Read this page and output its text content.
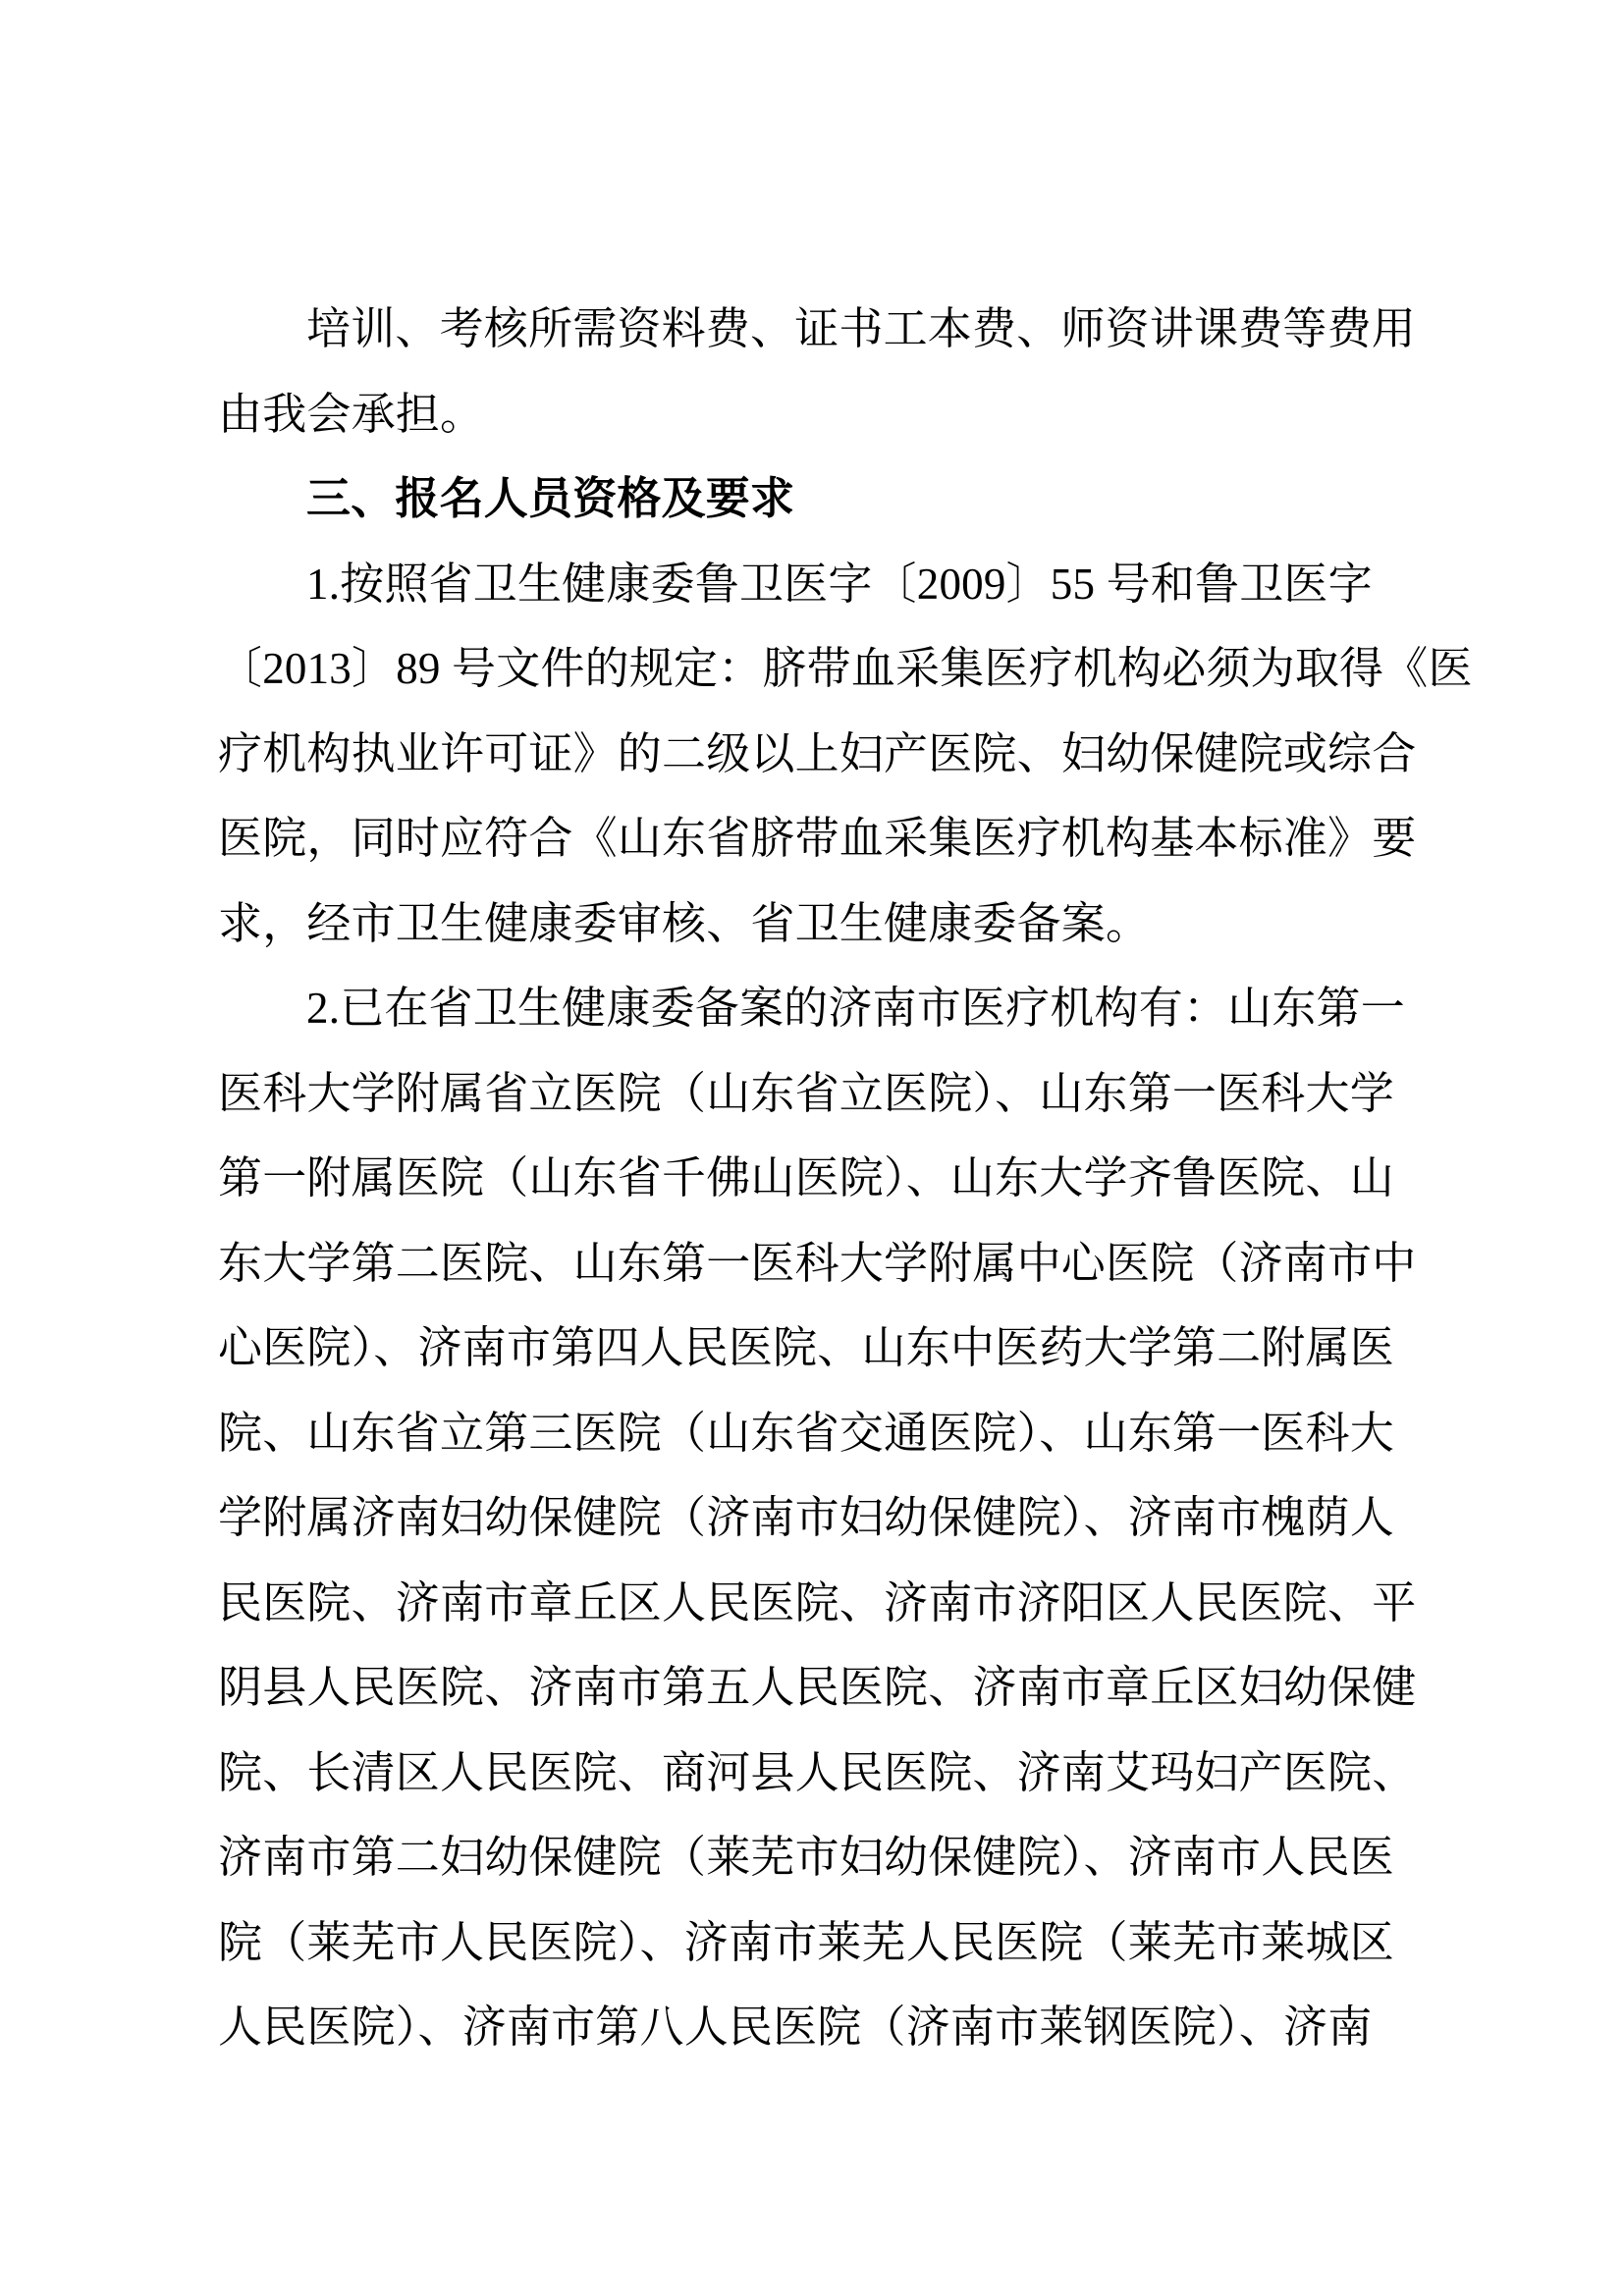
培训、考核所需资料费、证书工本费、师资讲课费等费用
由我会承担。
三、报名人员资格及要求
1.按照省卫生健康委鲁卫医字〔2009〕55 号和鲁卫医字
〔2013〕89 号文件的规定：脐带血采集医疗机构必须为取得《医
疗机构执业许可证》的二级以上妇产医院、妇幼保健院或综合
医院，同时应符合《山东省脐带血采集医疗机构基本标准》要
求，经市卫生健康委审核、省卫生健康委备案。
2.已在省卫生健康委备案的济南市医疗机构有：山东第一
医科大学附属省立医院（山东省立医院）、山东第一医科大学
第一附属医院（山东省千佛山医院）、山东大学齐鲁医院、山
东大学第二医院、山东第一医科大学附属中心医院（济南市中
心医院）、济南市第四人民医院、山东中医药大学第二附属医
院、山东省立第三医院（山东省交通医院）、山东第一医科大
学附属济南妇幼保健院（济南市妇幼保健院）、济南市槐荫人
民医院、济南市章丘区人民医院、济南市济阳区人民医院、平
阴县人民医院、济南市第五人民医院、济南市章丘区妇幼保健
院、长清区人民医院、商河县人民医院、济南艾玛妇产医院、
济南市第二妇幼保健院（莱芜市妇幼保健院）、济南市人民医
院（莱芜市人民医院）、济南市莱芜人民医院（莱芜市莱城区
人民医院）、济南市第八人民医院（济南市莱钢医院）、济南
